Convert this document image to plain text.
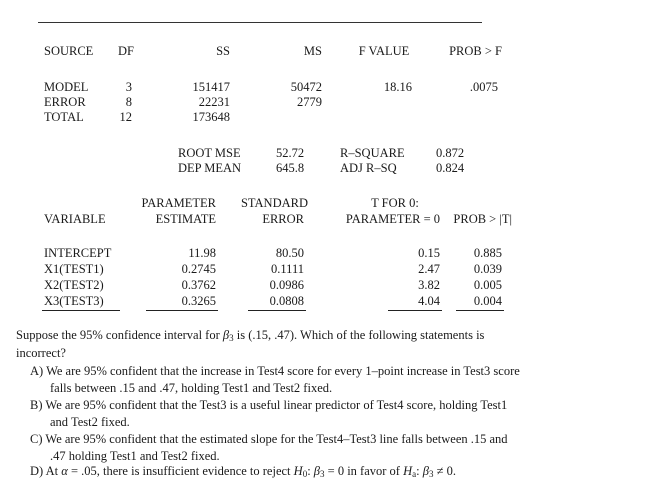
SOURCE DF	SS	MS	F VALUE	PROB > F
MODEL	3	151417	50472	18.16	.0075
ERROR	8	22231	2779
TOTAL	12	173648
ROOT MSE	52.72	R–SQUARE	0.872
DEP MEAN	645.8	ADJ R–SQ	0.824
PARAMETER	STANDARD	T FOR 0:
VARIABLE	ESTIMATE	ERROR	PARAMETER = 0	PROB > |T|
INTERCEPT	11.98	80.50	0.15	0.885
X1(TEST1)	0.2745	0.1111	2.47	0.039
X2(TEST2)	0.3762	0.0986	3.82	0.005
X3(TEST3)	0.3265	0.0808	4.04	0.004
Suppose the 95% confidence interval for $\beta_3$ is (.15, .47). Which of the following statements is
incorrect?
A) We are 95% confident that the increase in Test4 score for every 1–point increase in Test3 score
falls between .15 and .47, holding Test1 and Test2 fixed.
B) We are 95% confident that the Test3 is a useful linear predictor of Test4 score, holding Test1
and Test2 fixed.
C) We are 95% confident that the estimated slope for the Test4–Test3 line falls between .15 and
.47 holding Test1 and Test2 fixed.
D) At α = .05, there is insufficient evidence to reject $H_0$: $\beta_3 = 0$ in favor of $H_a$: $\beta_3 \ne 0$.
